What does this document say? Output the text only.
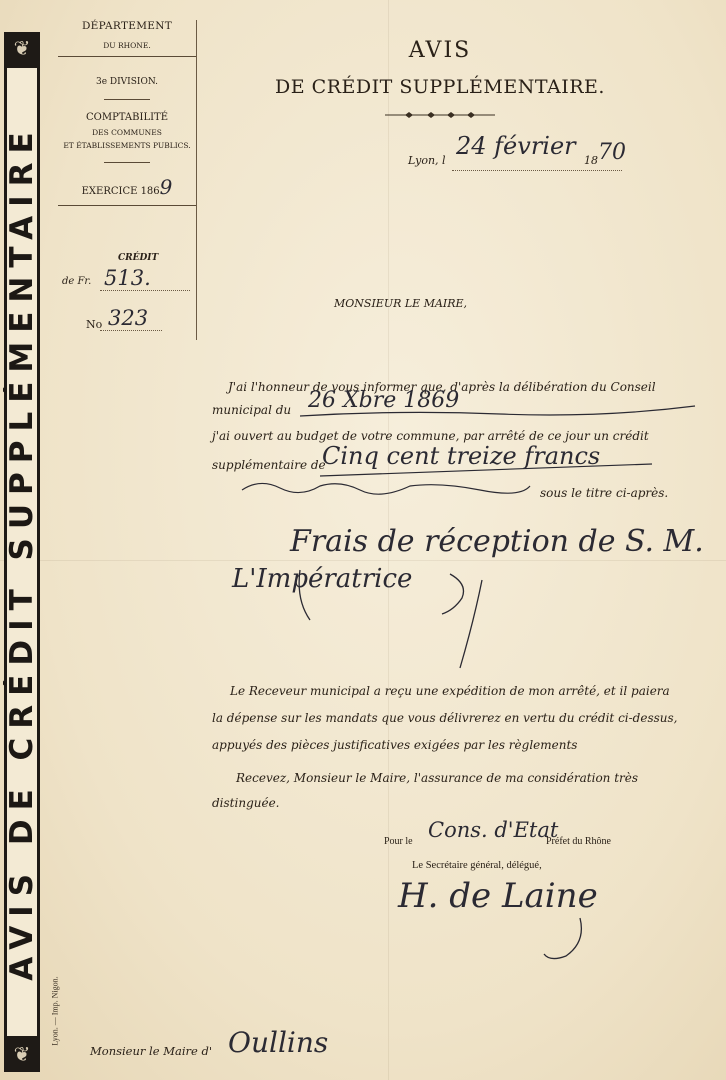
❦
AVIS DE CRÉDIT SUPPLÉMENTAIRE
❦
Lyon. — Imp. Nigon.
DÉPARTEMENT
DU RHONE.
3e DIVISION.
COMPTABILITÉ
DES COMMUNES
ET ÉTABLISSEMENTS PUBLICS.
EXERCICE 1869
CRÉDIT
de Fr. 513.
No 323
AVIS
DE CRÉDIT SUPPLÉMENTAIRE.
Lyon, l
24 février
18 70
MONSIEUR LE MAIRE,
J'ai l'honneur de vous informer que, d'après la délibération du Conseil
municipal du 26 Xbre 1869
j'ai ouvert au budget de votre commune, par arrêté de ce jour un crédit
supplémentaire de
Cinq cent treize francs
sous le titre ci-après.
Frais de réception de S. M.
L'Impératrice
Le Receveur municipal a reçu une expédition de mon arrêté, et il paiera
la dépense sur les mandats que vous délivrerez en vertu du crédit ci-dessus,
appuyés des pièces justificatives exigées par les règlements
Recevez, Monsieur le Maire, l'assurance de ma considération très
distinguée.
Pour le Cons. d'Etat
Préfet du Rhône
Le Secrétaire général, délégué,
H. de Laine
Monsieur le Maire d' Oullins
